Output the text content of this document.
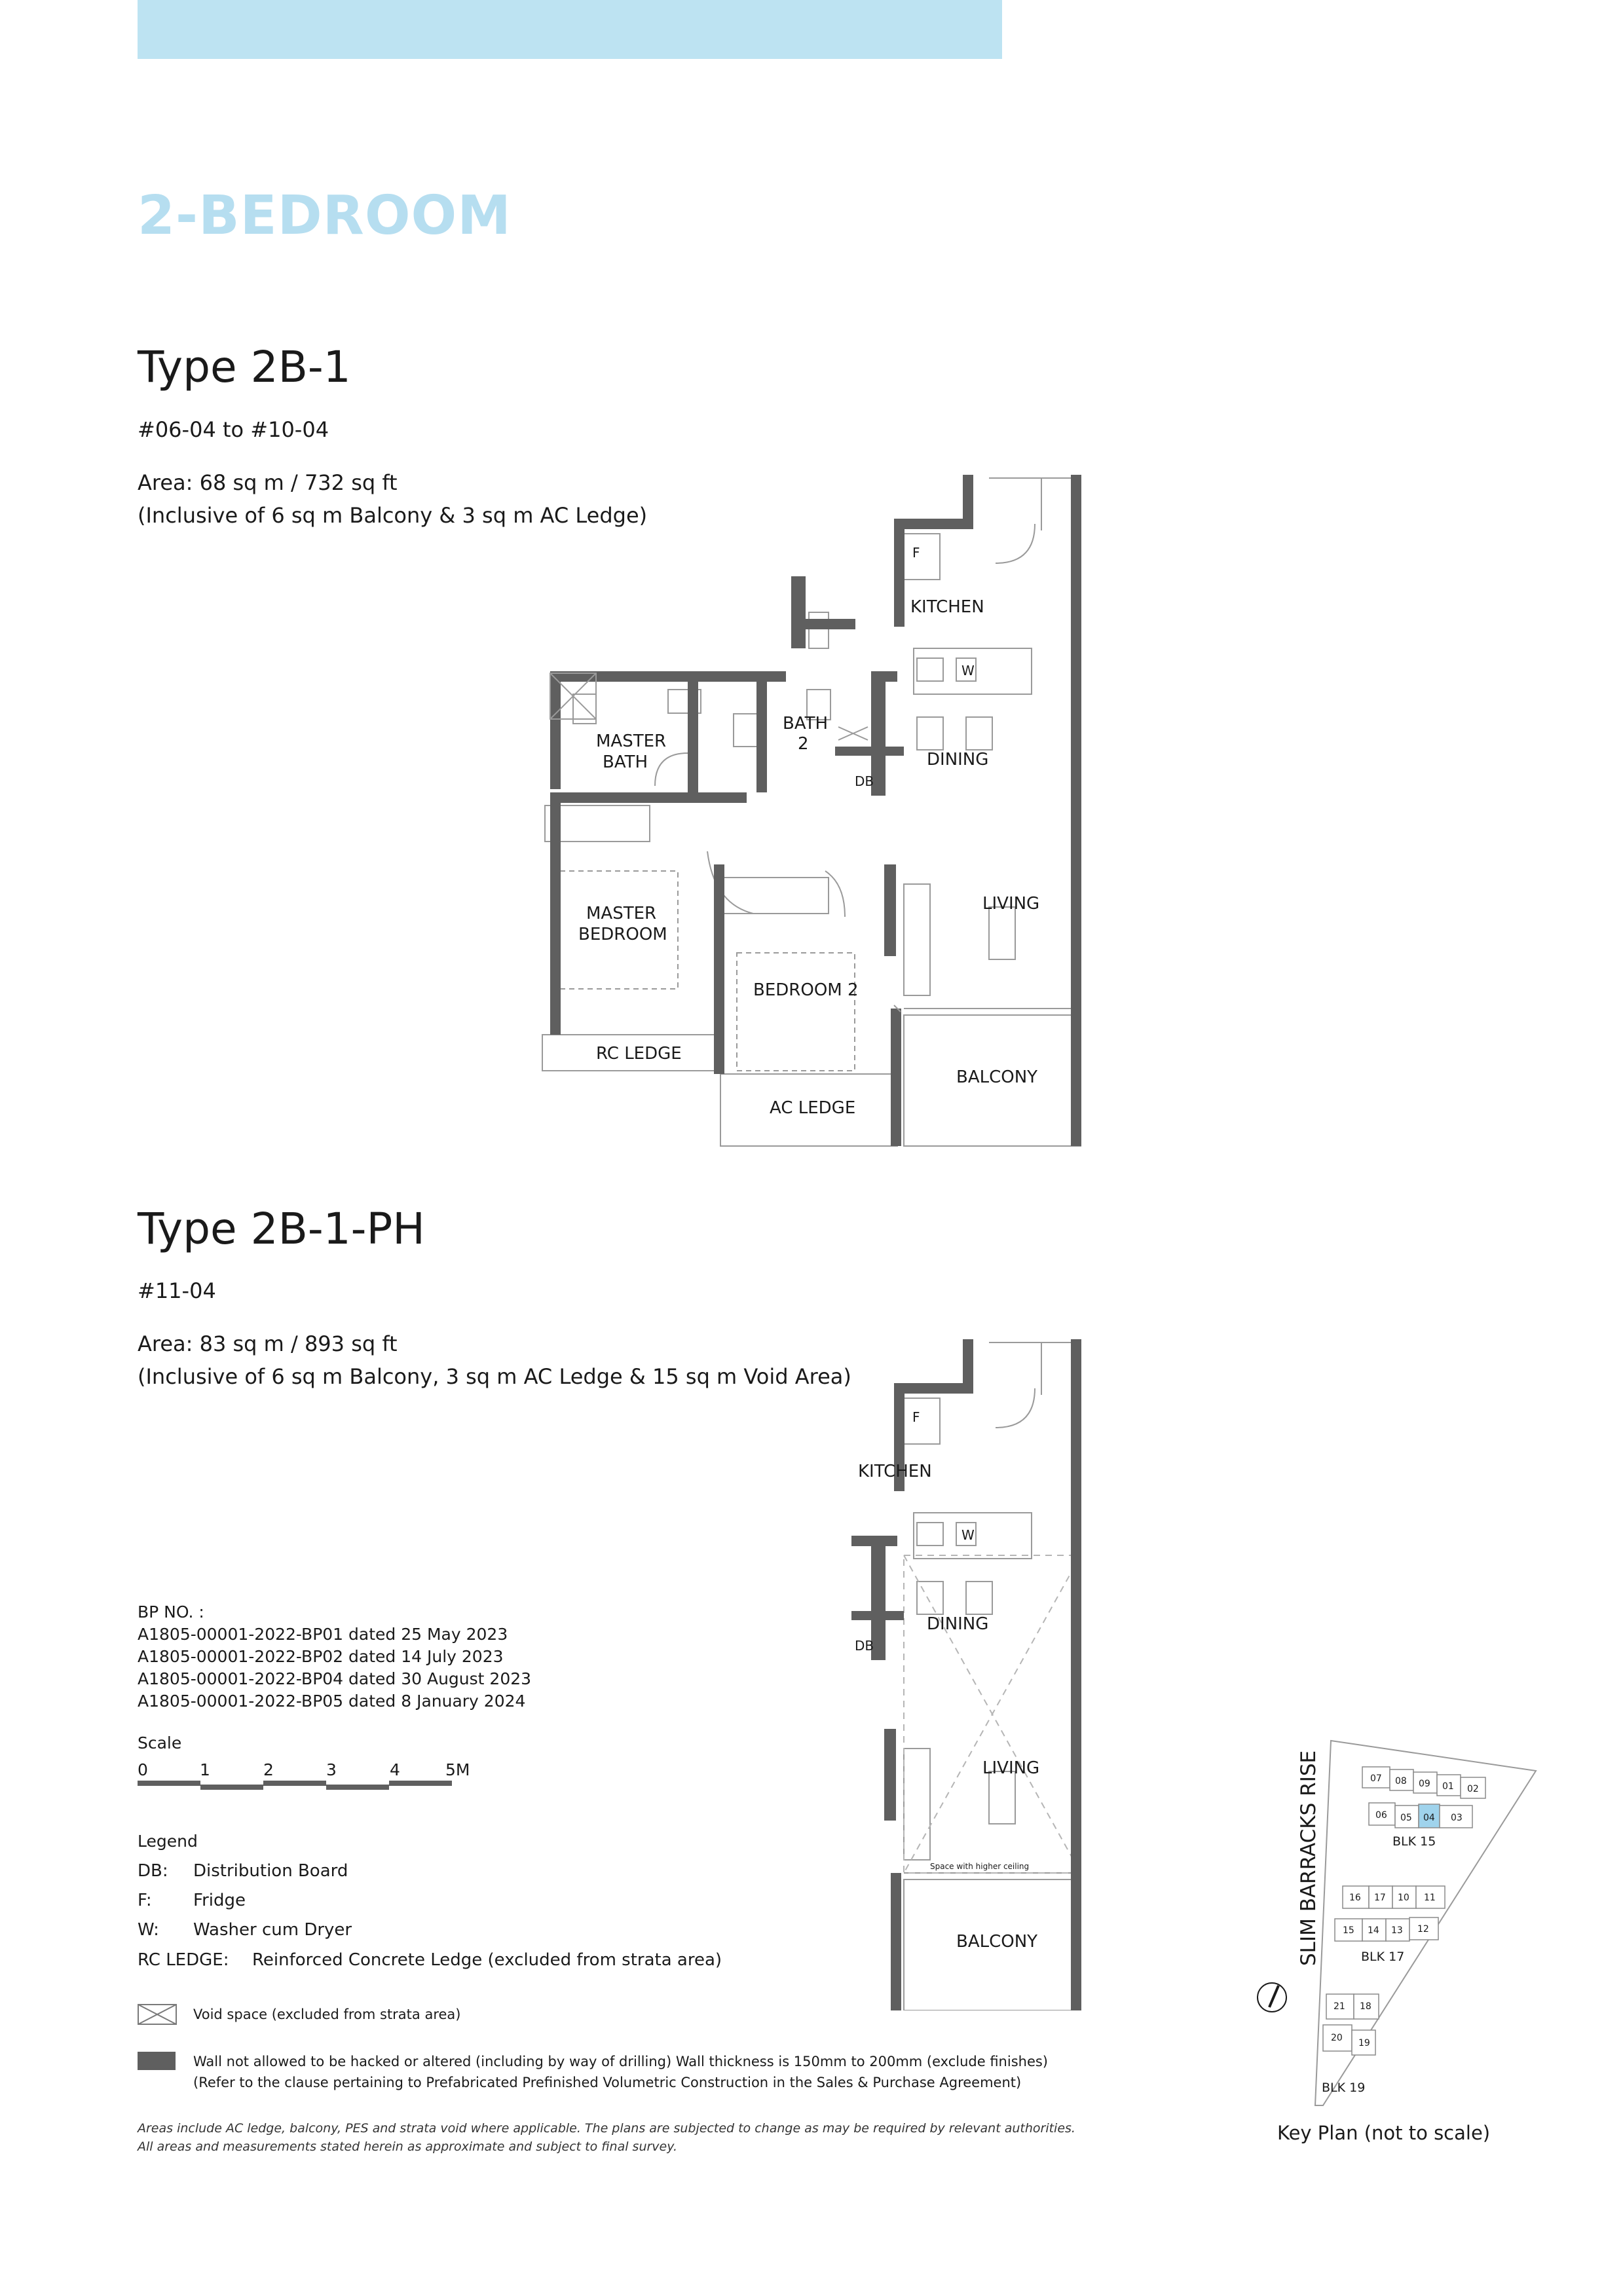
2-BEDROOM
Type 2B-1
#06-04 to #10-04
Area: 68 sq m / 732 sq ft
(Inclusive of 6 sq m Balcony & 3 sq m AC Ledge)
KITCHEN
F
W
MASTER
BATH
BATH
2
DINING
DB
MASTER
BEDROOM
LIVING
BEDROOM 2
RC LEDGE
AC LEDGE
BALCONY
Type 2B-1-PH
#11-04
Area: 83 sq m / 893 sq ft
(Inclusive of 6 sq m Balcony, 3 sq m AC Ledge & 15 sq m Void Area)
KITCHEN
F
W
DINING
DB
LIVING
Space with higher ceiling
BALCONY
BP NO. :
A1805-00001-2022-BP01 dated 25 May 2023
A1805-00001-2022-BP02 dated 14 July 2023
A1805-00001-2022-BP04 dated 30 August 2023
A1805-00001-2022-BP05 dated 8 January 2024
Scale
0	1	2	3	4	5M
Legend
DB: Distribution Board
F: Fridge
W: Washer cum Dryer
RC LEDGE: Reinforced Concrete Ledge (excluded from strata area)
Void space (excluded from strata area)
Wall not allowed to be hacked or altered (including by way of drilling) Wall thickness is 150mm to 200mm (exclude finishes)
(Refer to the clause pertaining to Prefabricated Prefinished Volumetric Construction in the Sales & Purchase Agreement)
Areas include AC ledge, balcony, PES and strata void where applicable. The plans are subjected to change as may be required by relevant authorities.
All areas and measurements stated herein as approximate and subject to final survey.
SLIM BARRACKS RISE	07 08 09 01 02
06 05 04 03
BLK 15
16 17 10 11
15 14 13 12
BLK 17
21 18
20 19
BLK 19
Key Plan (not to scale)
